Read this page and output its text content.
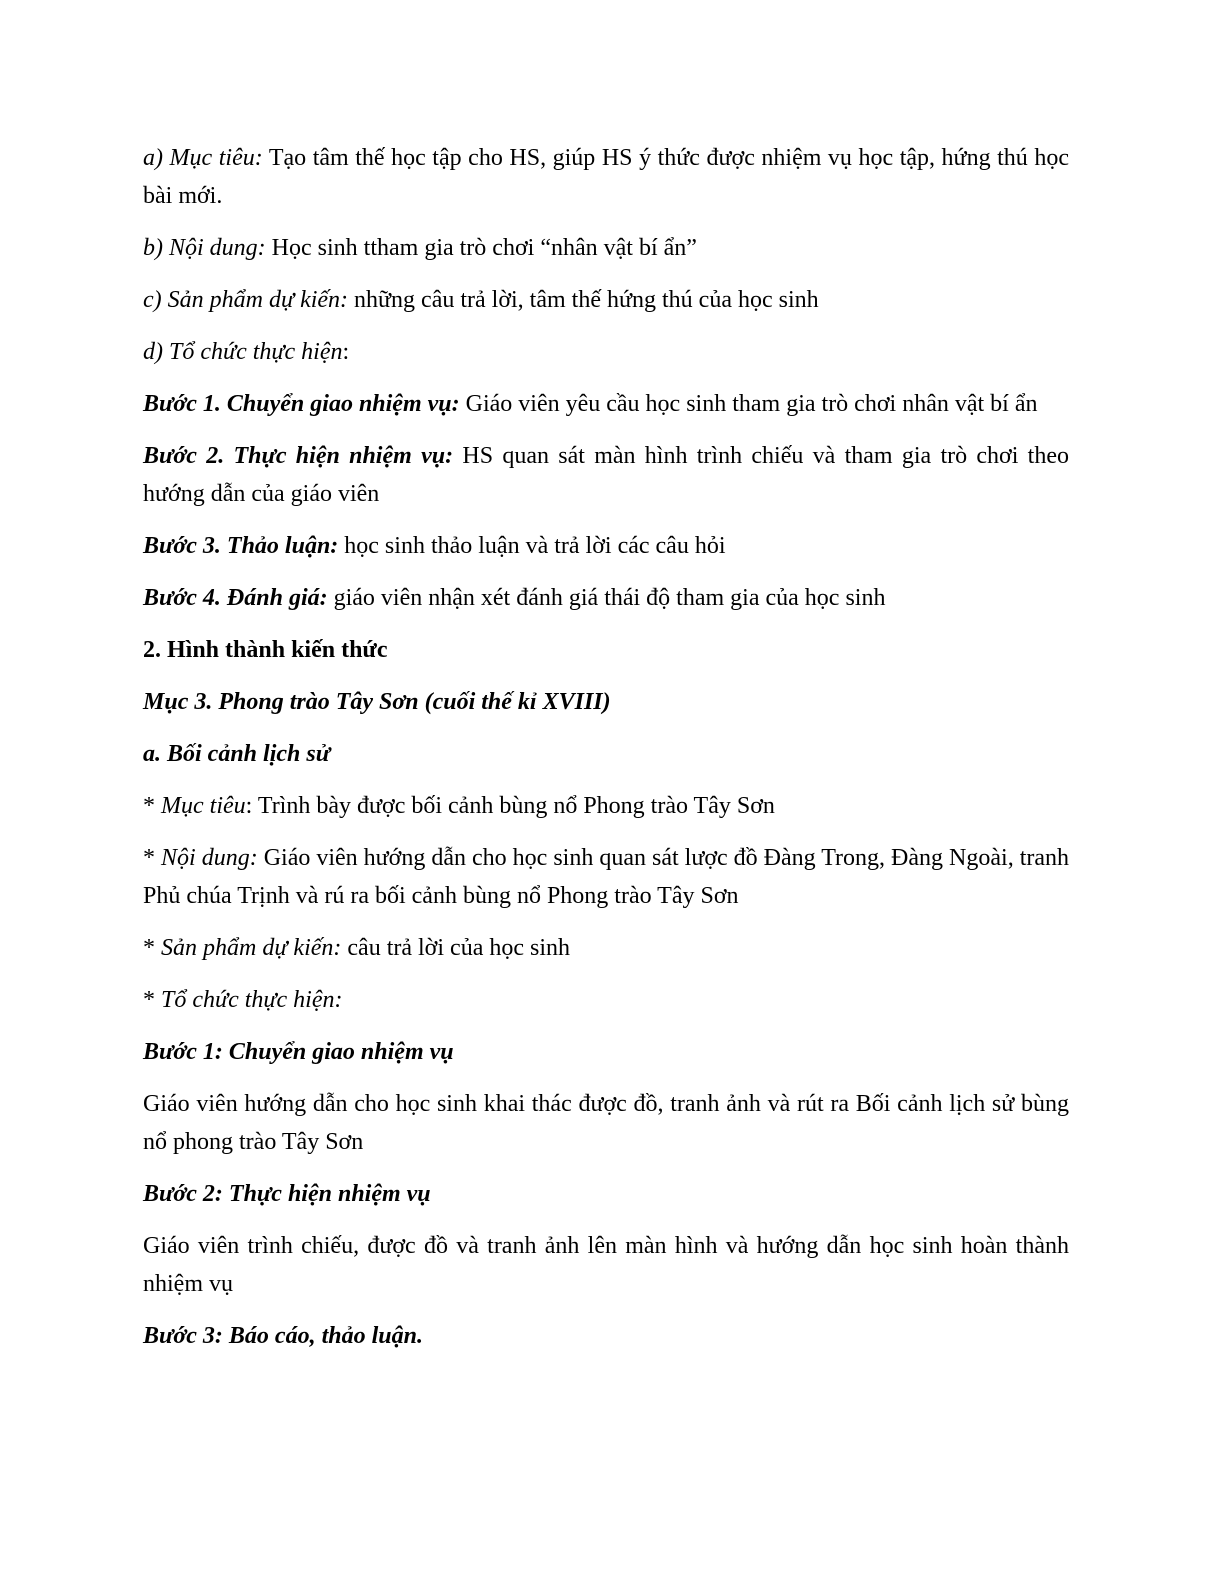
a) Mục tiêu: Tạo tâm thế học tập cho HS, giúp HS ý thức được nhiệm vụ học tập, hứng thú học bài mới.

b) Nội dung: Học sinh ttham gia trò chơi “nhân vật bí ẩn”

c) Sản phẩm dự kiến: những câu trả lời, tâm thế hứng thú của học sinh

d) Tổ chức thực hiện:

Bước 1. Chuyển giao nhiệm vụ: Giáo viên yêu cầu học sinh tham gia trò chơi nhân vật bí ẩn

Bước 2. Thực hiện nhiệm vụ: HS quan sát màn hình trình chiếu và tham gia trò chơi theo hướng dẫn của giáo viên

Bước 3. Thảo luận: học sinh thảo luận và trả lời các câu hỏi

Bước 4. Đánh giá: giáo viên nhận xét đánh giá thái độ tham gia của học sinh

2. Hình thành kiến thức

Mục 3. Phong trào Tây Sơn (cuối thế kỉ XVIII)

a. Bối cảnh lịch sử

* Mục tiêu: Trình bày được bối cảnh bùng nổ Phong trào Tây Sơn

* Nội dung: Giáo viên hướng dẫn cho học sinh quan sát lược đồ Đàng Trong, Đàng Ngoài, tranh Phủ chúa Trịnh và rú ra bối cảnh bùng nổ Phong trào Tây Sơn

* Sản phẩm dự kiến: câu trả lời của học sinh

* Tổ chức thực hiện:

Bước 1: Chuyển giao nhiệm vụ

Giáo viên hướng dẫn cho học sinh khai thác được đồ, tranh ảnh và rút ra Bối cảnh lịch sử bùng nổ phong trào Tây Sơn

Bước 2: Thực hiện nhiệm vụ

Giáo viên trình chiếu, được đồ và tranh ảnh lên màn hình và hướng dẫn học sinh hoàn thành nhiệm vụ

Bước 3: Báo cáo, thảo luận.
